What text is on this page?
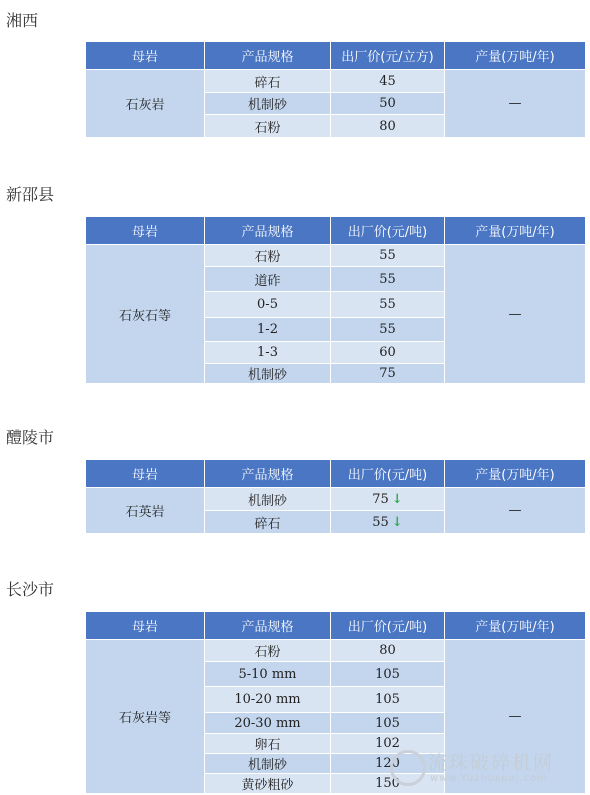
湘西
母岩	产品规格	出厂价(元/立方)	产量(万吨/年)
石灰岩	碎石	45	—
	机制砂	50	
	石粉	80	
新邵县
母岩	产品规格	出厂价(元/吨)	产量(万吨/年)
石灰石等	石粉	55	—
	道砟	55	
	0-5	55	
	1-2	55	
	1-3	60	
	机制砂	75	
醴陵市
母岩	产品规格	出厂价(元/吨)	产量(万吨/年)
石英岩	机制砂	75 ↓	—
	碎石	55 ↓	
长沙市
母岩	产品规格	出厂价(元/吨)	产量(万吨/年)
石灰岩等	石粉	80	—
	5-10 mm	105	
	10-20 mm	105	
	20-30 mm	105	
	卵石	102	
	机制砂	120	
	黄砂粗砂	150	
流珠破碎机网
www.Yuzhuspaj.com
